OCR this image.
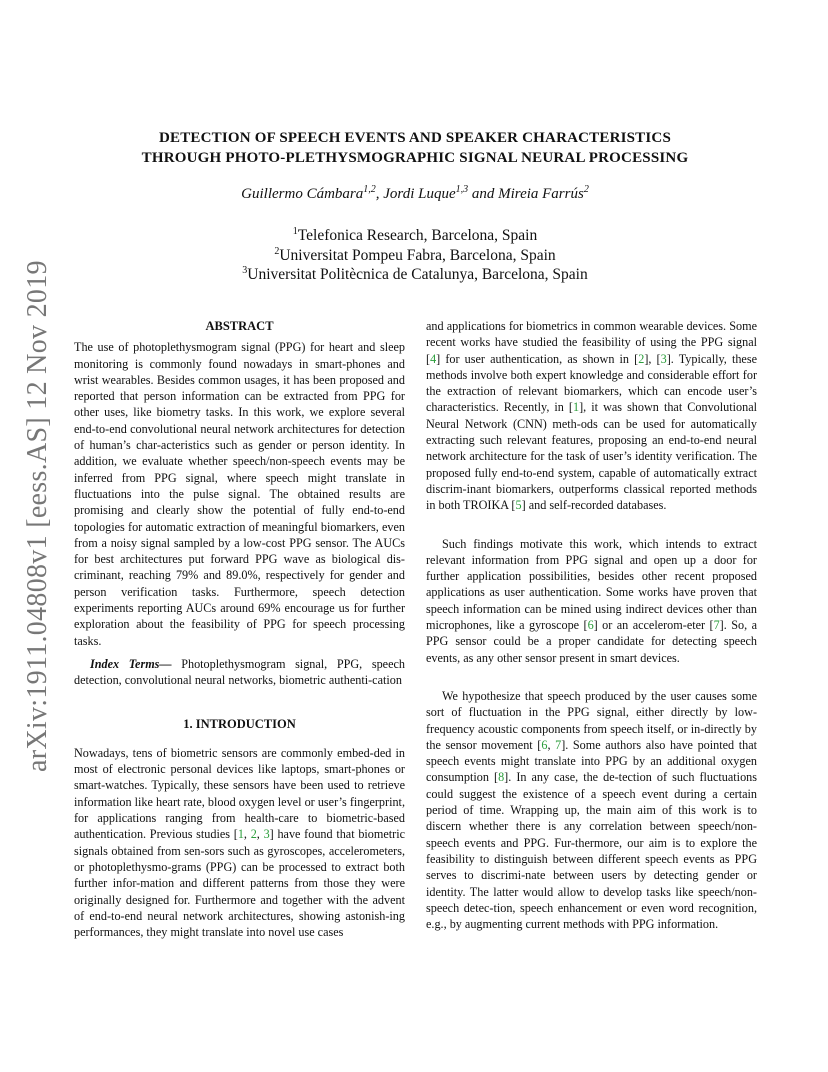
arXiv:1911.04808v1 [eess.AS] 12 Nov 2019
DETECTION OF SPEECH EVENTS AND SPEAKER CHARACTERISTICS
THROUGH PHOTO-PLETHYSMOGRAPHIC SIGNAL NEURAL PROCESSING
Guillermo Cámbara$^{1,2}$, Jordi Luque$^{1,3}$ and Mireia Farrús$^2$
$^1$Telefonica Research, Barcelona, Spain
$^2$Universitat Pompeu Fabra, Barcelona, Spain
$^3$Universitat Politècnica de Catalunya, Barcelona, Spain
ABSTRACT

The use of photoplethysmogram signal (PPG) for heart and sleep monitoring is commonly found nowadays in smart-phones and wrist wearables. Besides common usages, it has been proposed and reported that person information can be extracted from PPG for other uses, like biometry tasks. In this work, we explore several end-to-end convolutional neural network architectures for detection of human’s char-acteristics such as gender or person identity. In addition, we evaluate whether speech/non-speech events may be inferred from PPG signal, where speech might translate in fluctuations into the pulse signal. The obtained results are promising and clearly show the potential of fully end-to-end topologies for automatic extraction of meaningful biomarkers, even from a noisy signal sampled by a low-cost PPG sensor. The AUCs for best architectures put forward PPG wave as biological dis-criminant, reaching 79% and 89.0%, respectively for gender and person verification tasks. Furthermore, speech detection experiments reporting AUCs around 69% encourage us for further exploration about the feasibility of PPG for speech processing tasks.

Index Terms— Photoplethysmogram signal, PPG, speech detection, convolutional neural networks, biometric authenti-cation

1. INTRODUCTION

Nowadays, tens of biometric sensors are commonly embed-ded in most of electronic personal devices like laptops, smart-phones or smart-watches. Typically, these sensors have been used to retrieve information like heart rate, blood oxygen level or user’s fingerprint, for applications ranging from health-care to biometric-based authentication. Previous studies [1, 2, 3] have found that biometric signals obtained from sen-sors such as gyroscopes, accelerometers, or photoplethysmo-grams (PPG) can be processed to extract both further infor-mation and different patterns from those they were originally designed for. Furthermore and together with the advent of end-to-end neural network architectures, showing astonish-ing performances, they might translate into novel use cases

and applications for biometrics in common wearable devices. Some recent works have studied the feasibility of using the PPG signal [4] for user authentication, as shown in [2], [3]. Typically, these methods involve both expert knowledge and considerable effort for the extraction of relevant biomarkers, which can encode user’s characteristics. Recently, in [1], it was shown that Convolutional Neural Network (CNN) meth-ods can be used for automatically extracting such relevant features, proposing an end-to-end neural network architecture for the task of user’s identity verification. The proposed fully end-to-end system, capable of automatically extract discrim-inant biomarkers, outperforms classical reported methods in both TROIKA [5] and self-recorded databases.

Such findings motivate this work, which intends to extract relevant information from PPG signal and open up a door for further application possibilities, besides other recent proposed applications as user authentication. Some works have proven that speech information can be mined using indirect devices other than microphones, like a gyroscope [6] or an accelerom-eter [7]. So, a PPG sensor could be a proper candidate for detecting speech events, as any other sensor present in smart devices.

We hypothesize that speech produced by the user causes some sort of fluctuation in the PPG signal, either directly by low-frequency acoustic components from speech itself, or in-directly by the sensor movement [6, 7]. Some authors also have pointed that speech events might translate into PPG by an additional oxygen consumption [8]. In any case, the de-tection of such fluctuations could suggest the existence of a speech event during a certain period of time. Wrapping up, the main aim of this work is to discern whether there is any correlation between speech/non-speech events and PPG. Fur-thermore, our aim is to explore the feasibility to distinguish between different speech events as PPG serves to discrimi-nate between users by detecting gender or identity. The latter would allow to develop tasks like speech/non-speech detec-tion, speech enhancement or even word recognition, e.g., by augmenting current methods with PPG information.
